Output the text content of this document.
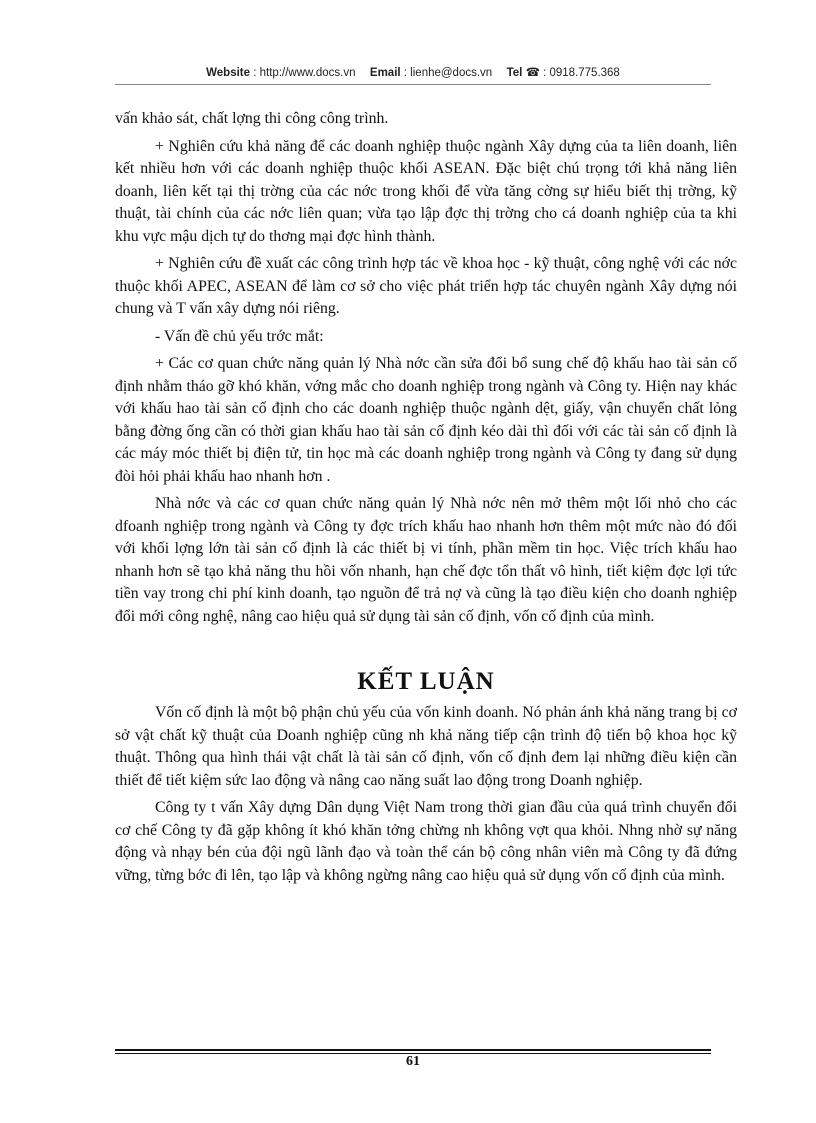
Website : http://www.docs.vn Email : lienhe@docs.vn Tel ☎ : 0918.775.368

vấn khảo sát, chất lợng thi công công trình.

+ Nghiên cứu khả năng để các doanh nghiệp thuộc ngành Xây dựng của ta liên doanh, liên kết nhiều hơn với các doanh nghiệp thuộc khối ASEAN. Đặc biệt chú trọng tới khả năng liên doanh, liên kết tại thị trờng của các nớc trong khối để vừa tăng cờng sự hiểu biết thị trờng, kỹ thuật, tài chính của các nớc liên quan; vừa tạo lập đợc thị trờng cho cá doanh nghiệp của ta khi khu vực mậu dịch tự do thơng mại đợc hình thành.

+ Nghiên cứu đề xuất các công trình hợp tác về khoa học - kỹ thuật, công nghệ với các nớc thuộc khối APEC, ASEAN để làm cơ sở cho việc phát triển hợp tác chuyên ngành Xây dựng nói chung và T vấn xây dựng nói riêng.

- Vấn đề chủ yếu trớc mắt:

+ Các cơ quan chức năng quản lý Nhà nớc cần sửa đổi bổ sung chế độ khấu hao tài sản cố định nhằm tháo gỡ khó khăn, vớng mắc cho doanh nghiệp trong ngành và Công ty. Hiện nay khác với khấu hao tài sản cố định cho các doanh nghiệp thuộc ngành dệt, giấy, vận chuyển chất lỏng bằng đờng ống cần có thời gian khấu hao tài sản cố định kéo dài thì đối với các tài sản cố định là các máy móc thiết bị điện tử, tin học mà các doanh nghiệp trong ngành và Công ty đang sử dụng đòi hỏi phải khấu hao nhanh hơn .

Nhà nớc và các cơ quan chức năng quản lý Nhà nớc nên mở thêm một lối nhỏ cho các dfoanh nghiệp trong ngành và Công ty đợc trích khấu hao nhanh hơn thêm một mức nào đó đối với khối lợng lớn tài sản cố định là các thiết bị vi tính, phần mềm tin học. Việc trích khấu hao nhanh hơn sẽ tạo khả năng thu hồi vốn nhanh, hạn chế đợc tổn thất vô hình, tiết kiệm đợc lợi tức tiền vay trong chi phí kinh doanh, tạo nguồn để trả nợ và cũng là tạo điều kiện cho doanh nghiệp đổi mới công nghệ, nâng cao hiệu quả sử dụng tài sản cố định, vốn cố định của mình.

KẾT LUẬN

Vốn cố định là một bộ phận chủ yếu của vốn kinh doanh. Nó phản ánh khả năng trang bị cơ sở vật chất kỹ thuật của Doanh nghiệp cũng nh khả năng tiếp cận trình độ tiến bộ khoa học kỹ thuật. Thông qua hình thái vật chất là tài sản cố định, vốn cố định đem lại những điều kiện cần thiết để tiết kiệm sức lao động và nâng cao năng suất lao động trong Doanh nghiệp.

Công ty t vấn Xây dựng Dân dụng Việt Nam trong thời gian đầu của quá trình chuyển đổi cơ chế Công ty đã gặp không ít khó khăn tởng chừng nh không vợt qua khỏi. Nhng nhờ sự năng động và nhạy bén của đội ngũ lãnh đạo và toàn thể cán bộ công nhân viên mà Công ty đã đứng vững, từng bớc đi lên, tạo lập và không ngừng nâng cao hiệu quả sử dụng vốn cố định của mình.

61
